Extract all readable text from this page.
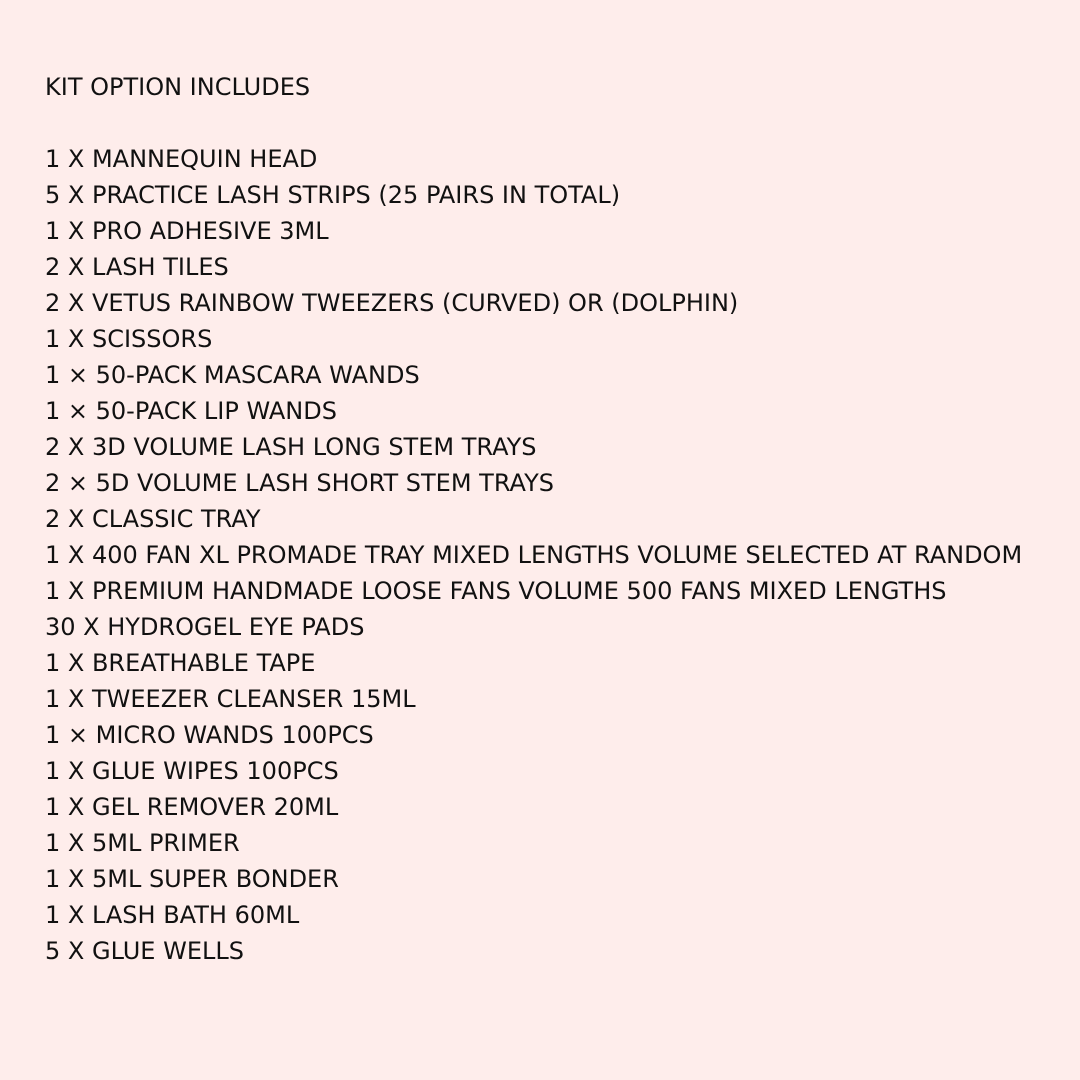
KIT OPTION INCLUDES
1 X MANNEQUIN HEAD
5 X PRACTICE LASH STRIPS (25 PAIRS IN TOTAL)
1 X PRO ADHESIVE 3ML
2 X LASH TILES
2 X VETUS RAINBOW TWEEZERS (CURVED) OR (DOLPHIN)
1 X SCISSORS
1 × 50-PACK MASCARA WANDS
1 × 50-PACK LIP WANDS
2 X 3D VOLUME LASH LONG STEM TRAYS
2 × 5D VOLUME LASH SHORT STEM TRAYS
2 X CLASSIC TRAY
1 X 400 FAN XL PROMADE TRAY MIXED LENGTHS VOLUME SELECTED AT RANDOM
1 X PREMIUM HANDMADE LOOSE FANS VOLUME 500 FANS MIXED LENGTHS
30 X HYDROGEL EYE PADS
1 X BREATHABLE TAPE
1 X TWEEZER CLEANSER 15ML
1 × MICRO WANDS 100PCS
1 X GLUE WIPES 100PCS
1 X GEL REMOVER 20ML
1 X 5ML PRIMER
1 X 5ML SUPER BONDER
1 X LASH BATH 60ML
5 X GLUE WELLS
